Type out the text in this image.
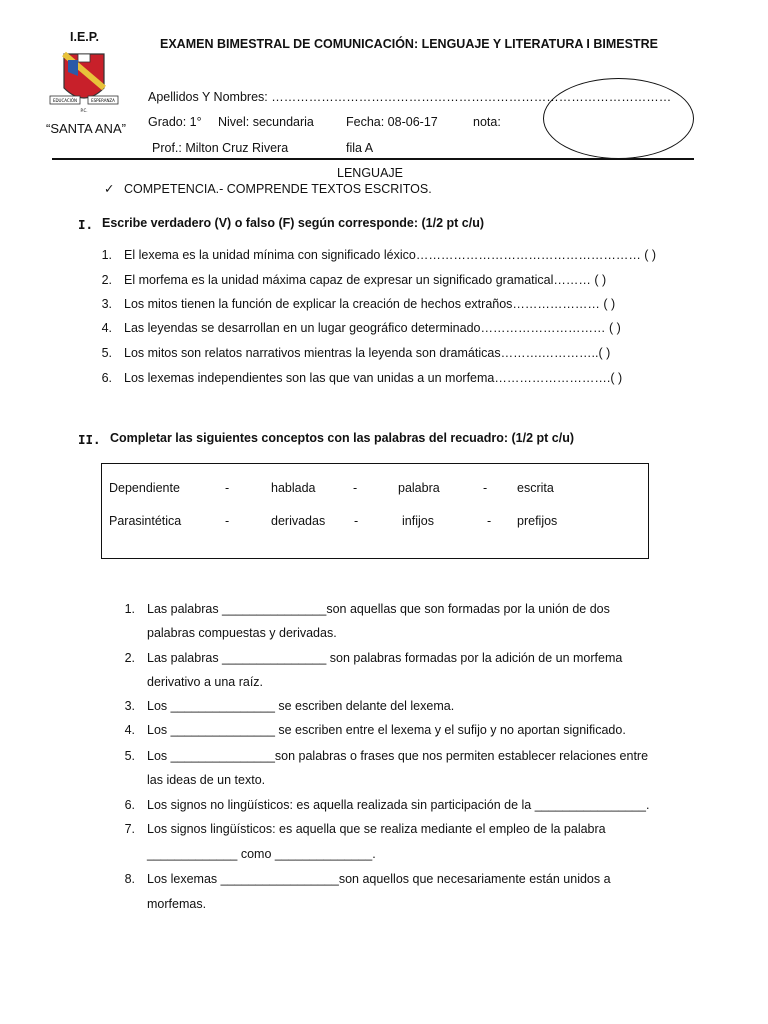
I.E.P.
EDUCACIÓN	ESPERANZA
P.C.
“SANTA ANA”
EXAMEN BIMESTRAL DE COMUNICACIÓN: LENGUAJE Y LITERATURA I BIMESTRE
Apellidos Y Nombres: ……………………………………………………………………………………
Grado: 1° Nivel: secundaria	Fecha: 08-06-17	nota:
Prof.: Milton Cruz Rivera	fila A
LENGUAJE
✓ COMPETENCIA.- COMPRENDE TEXTOS ESCRITOS.
I. Escribe verdadero (V) o falso (F) según corresponde: (1/2 pt c/u)
1. El lexema es la unidad mínima con significado léxico……………………………………………… ( )
2. El morfema es la unidad máxima capaz de expresar un significado gramatical……… ( )
3. Los mitos tienen la función de explicar la creación de hechos extraños………………… ( )
4. Las leyendas se desarrollan en un lugar geográfico determinado………………………… ( )
5. Los mitos son relatos narrativos mientras la leyenda son dramáticas……….…………..( )
6. Los lexemas independientes son las que van unidas a un morfema……………………….( )
II. Completar las siguientes conceptos con las palabras del recuadro: (1/2 pt c/u)
Dependiente	-	hablada	-	palabra	- escrita
Parasintética	-	derivadas -	infijos	- prefijos
1. Las palabras _______________son aquellas que son formadas por la unión de dos
palabras compuestas y derivadas.
2. Las palabras _______________ son palabras formadas por la adición de un morfema
derivativo a una raíz.
3. Los _______________ se escriben delante del lexema.
4. Los _______________ se escriben entre el lexema y el sufijo y no aportan significado.
5. Los _______________son palabras o frases que nos permiten establecer relaciones entre
las ideas de un texto.
6. Los signos no lingüísticos: es aquella realizada sin participación de la ________________.
7. Los signos lingüísticos: es aquella que se realiza mediante el empleo de la palabra
_____________ como ______________.
8. Los lexemas _________________son aquellos que necesariamente están unidos a
morfemas.
